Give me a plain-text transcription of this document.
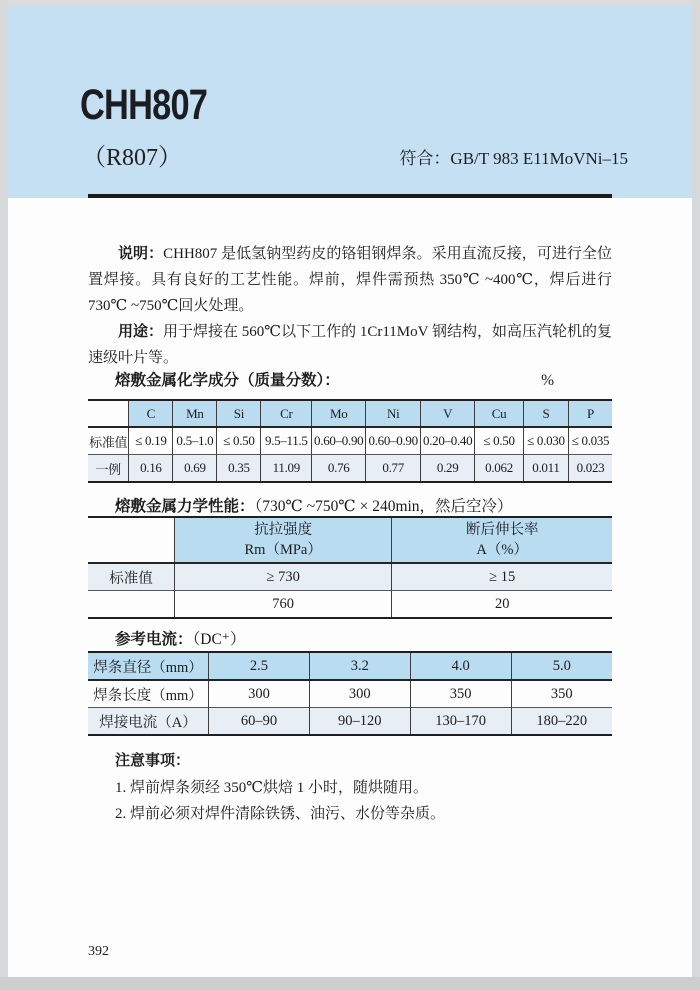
CHH807
（R807）	符合：GB/T 983 E11MoVNi–15

说明：CHH807 是低氢钠型药皮的铬钼钢焊条。采用直流反接，可进行全位置焊接。具有良好的工艺性能。焊前，焊件需预热 350℃ ~400℃，焊后进行 730℃ ~750℃回火处理。

用途：用于焊接在 560℃以下工作的 1Cr11MoV 钢结构，如高压汽轮机的复速级叶片等。

熔敷金属化学成分（质量分数）：	%
	C	Mn	Si	Cr	Mo	Ni	V	Cu	S	P
标准值	≤ 0.19	0.5–1.0	≤ 0.50	9.5–11.5	0.60–0.90	0.60–0.90	0.20–0.40	≤ 0.50	≤ 0.030	≤ 0.035
一例	0.16	0.69	0.35	11.09	0.76	0.77	0.29	0.062	0.011	0.023
熔敷金属力学性能：（730℃ ~750℃ × 240min，然后空冷）

抗拉强度
Rm（MPa）

断后伸长率
A（%）

标准值	≥ 730	≥ 15
	760	20
参考电流：（DC⁺）
焊条直径（mm）	2.5	3.2	4.0	5.0
焊条长度（mm）	300	300	350	350
焊接电流（A）	60–90	90–120	130–170	180–220
注意事项：

1. 焊前焊条须经 350℃烘焙 1 小时，随烘随用。

2. 焊前必须对焊件清除铁锈、油污、水份等杂质。

392
